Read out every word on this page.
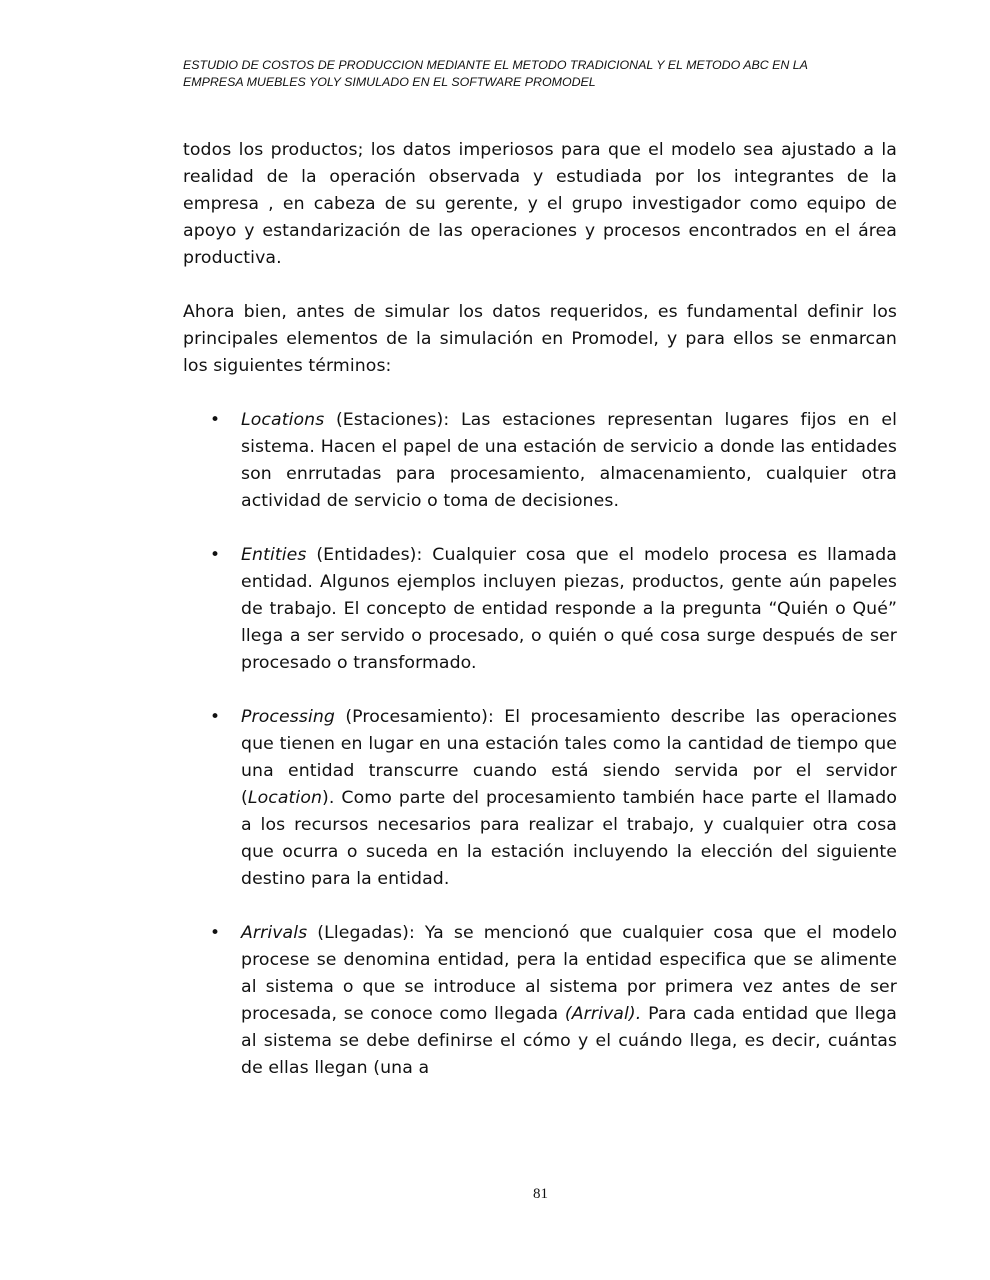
ESTUDIO DE COSTOS DE PRODUCCION MEDIANTE EL METODO TRADICIONAL Y EL METODO ABC EN LA
EMPRESA MUEBLES YOLY SIMULADO EN EL SOFTWARE PROMODEL

todos los productos; los datos imperiosos para que el modelo sea ajustado a la realidad de la operación observada y estudiada por los integrantes de la empresa , en cabeza de su gerente, y el grupo investigador como equipo de apoyo y estandarización de las operaciones y procesos encontrados en el área productiva.

Ahora bien, antes de simular los datos requeridos, es fundamental definir los principales elementos de la simulación en Promodel, y para ellos se enmarcan los siguientes términos:

• Locations (Estaciones): Las estaciones representan lugares fijos en el sistema. Hacen el papel de una estación de servicio a donde las entidades son enrrutadas para procesamiento, almacenamiento, cualquier otra actividad de servicio o toma de decisiones.
• Entities (Entidades): Cualquier cosa que el modelo procesa es llamada entidad. Algunos ejemplos incluyen piezas, productos, gente aún papeles de trabajo. El concepto de entidad responde a la pregunta “Quién o Qué” llega a ser servido o procesado, o quién o qué cosa surge después de ser procesado o transformado.
• Processing (Procesamiento): El procesamiento describe las operaciones que tienen en lugar en una estación tales como la cantidad de tiempo que una entidad transcurre cuando está siendo servida por el servidor (Location). Como parte del procesamiento también hace parte el llamado a los recursos necesarios para realizar el trabajo, y cualquier otra cosa que ocurra o suceda en la estación incluyendo la elección del siguiente destino para la entidad.
• Arrivals (Llegadas): Ya se mencionó que cualquier cosa que el modelo procese se denomina entidad, pera la entidad especifica que se alimente al sistema o que se introduce al sistema por primera vez antes de ser procesada, se conoce como llegada (Arrival). Para cada entidad que llega al sistema se debe definirse el cómo y el cuándo llega, es decir, cuántas de ellas llegan (una a
81
